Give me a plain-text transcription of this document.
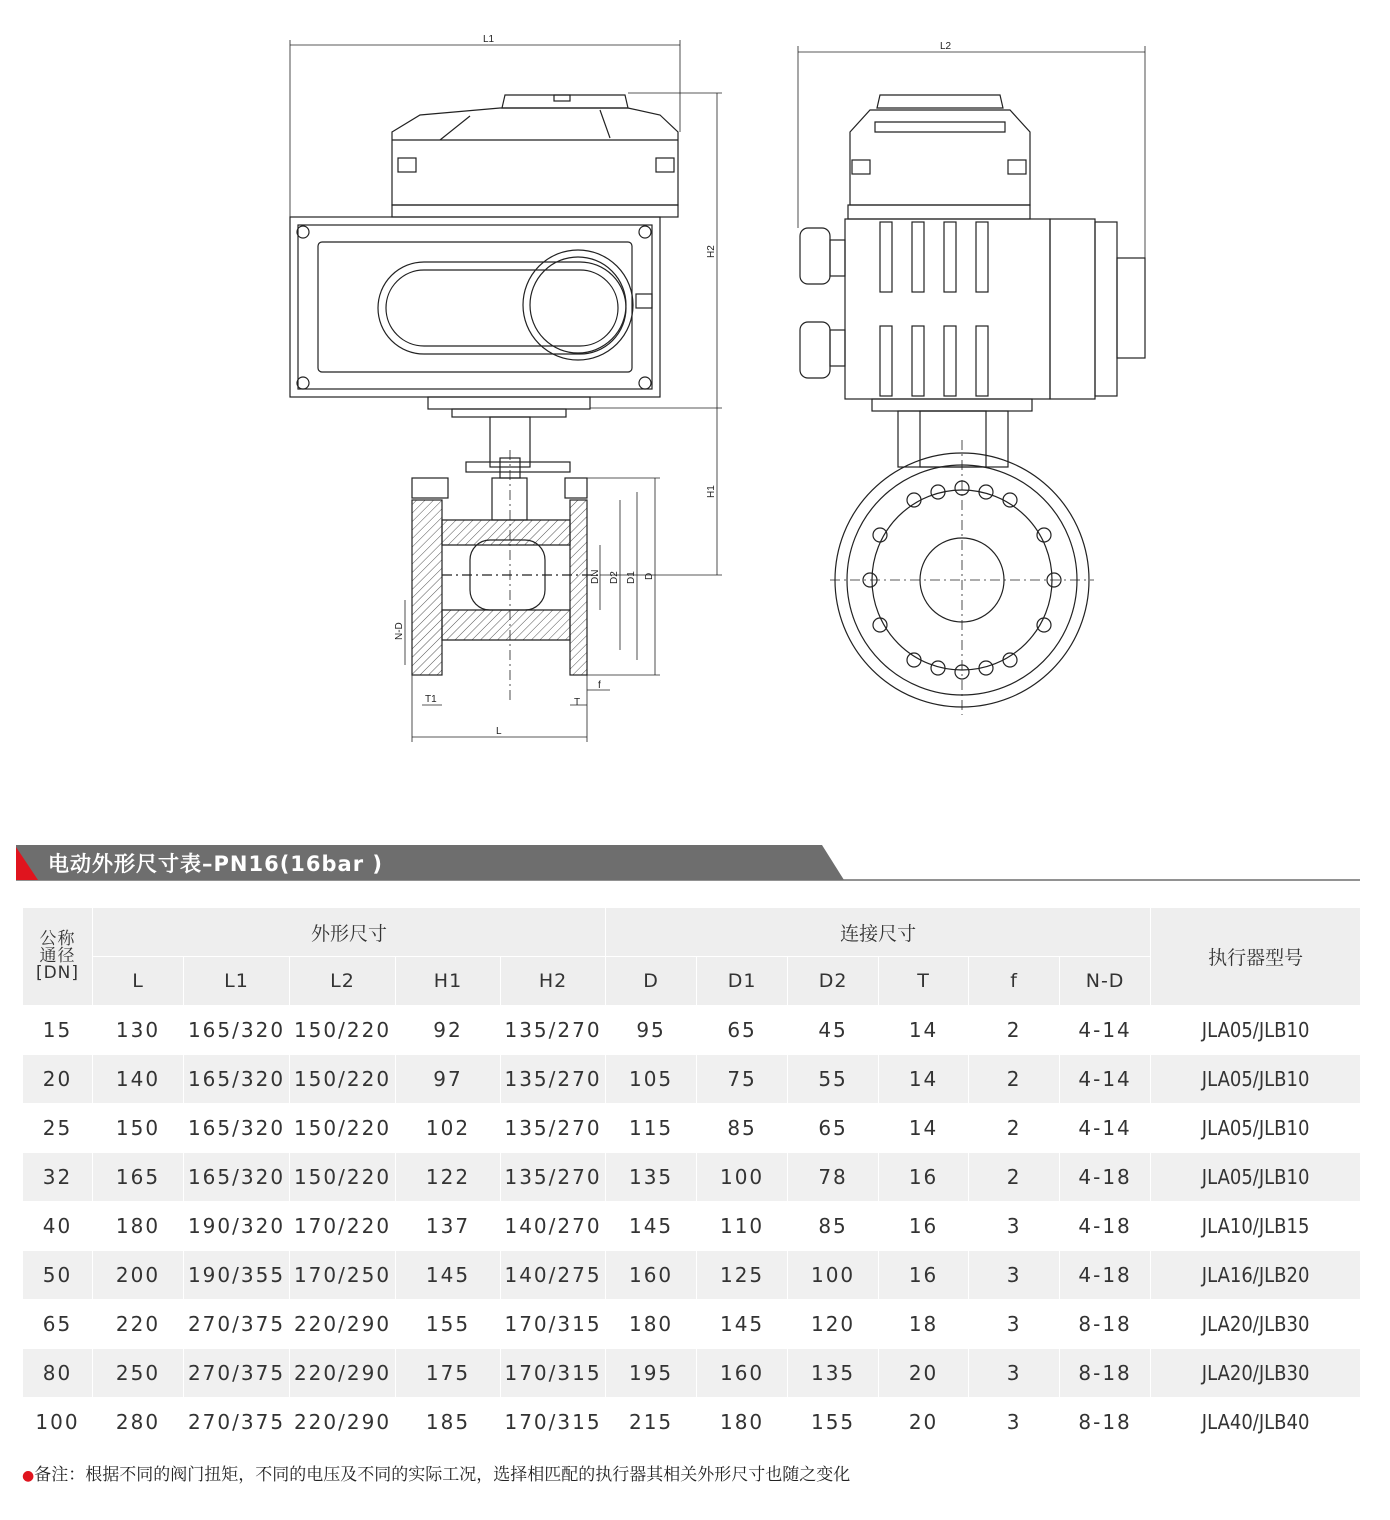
L1
L2
H2
H1
L
DN D2 D1 D
N-D
T1	T
f
电动外形尺寸表–PN16(16bar )
公称
通径
[DN]	外形尺寸					连接尺寸						执行器型号
	L	L1	L2	H1	H2	D	D1	D2	T	f	N-D	
15	130	165/320	150/220	92	135/270	95	65	45	14	2	4-14	JLA05/JLB10
20	140	165/320	150/220	97	135/270	105	75	55	14	2	4-14	JLA05/JLB10
25	150	165/320	150/220	102	135/270	115	85	65	14	2	4-14	JLA05/JLB10
32	165	165/320	150/220	122	135/270	135	100	78	16	2	4-18	JLA05/JLB10
40	180	190/320	170/220	137	140/270	145	110	85	16	3	4-18	JLA10/JLB15
50	200	190/355	170/250	145	140/275	160	125	100	16	3	4-18	JLA16/JLB20
65	220	270/375	220/290	155	170/315	180	145	120	18	3	8-18	JLA20/JLB30
80	250	270/375	220/290	175	170/315	195	160	135	20	3	8-18	JLA20/JLB30
100	280	270/375	220/290	185	170/315	215	180	155	20	3	8-18	JLA40/JLB40
●备注：根据不同的阀门扭矩，不同的电压及不同的实际工况，选择相匹配的执行器其相关外形尺寸也随之变化
